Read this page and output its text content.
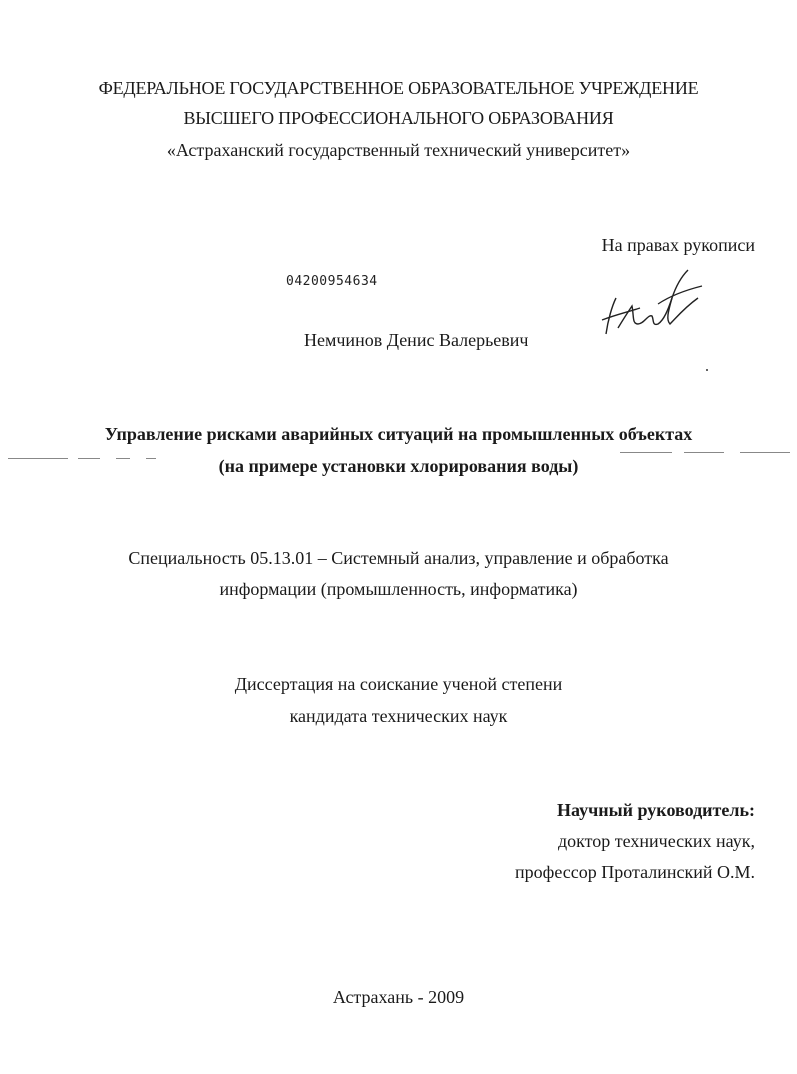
ФЕДЕРАЛЬНОЕ ГОСУДАРСТВЕННОЕ ОБРАЗОВАТЕЛЬНОЕ УЧРЕЖДЕНИЕ
ВЫСШЕГО ПРОФЕССИОНАЛЬНОГО ОБРАЗОВАНИЯ
«Астраханский государственный технический университет»
На правах рукописи
04200954634
Немчинов Денис Валерьевич
Управление рисками аварийных ситуаций на промышленных объектах
(на примере установки хлорирования воды)
Специальность 05.13.01 – Системный анализ, управление и обработка
информации (промышленность, информатика)
Диссертация на соискание ученой степени
кандидата технических наук
Научный руководитель:
доктор технических наук,
профессор Проталинский О.М.
Астрахань - 2009
